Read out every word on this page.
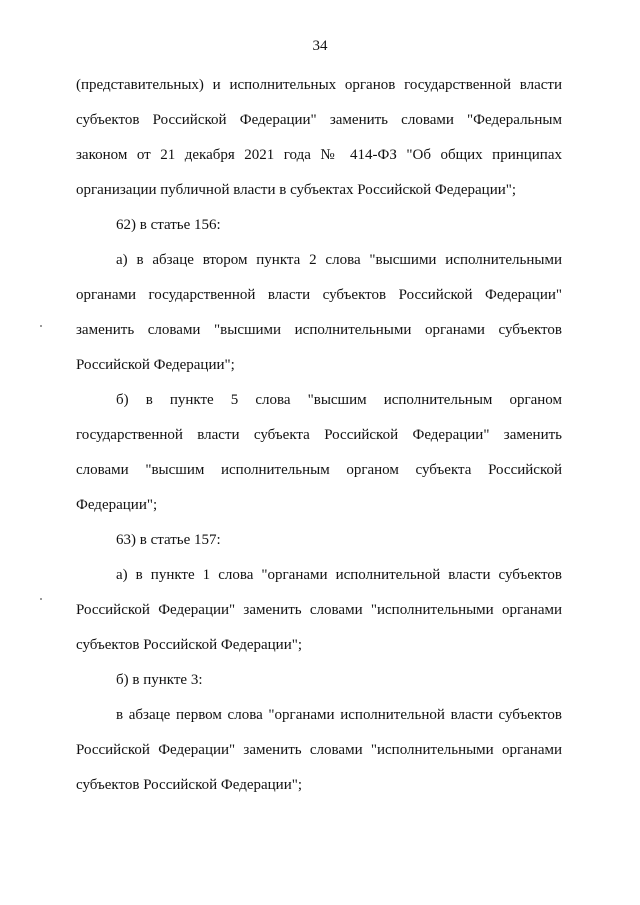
34
(представительных) и исполнительных органов государственной власти
субъектов Российской Федерации" заменить словами "Федеральным
законом от 21 декабря 2021 года № 414-ФЗ "Об общих принципах
организации публичной власти в субъектах Российской Федерации";
62) в статье 156:
а) в абзаце втором пункта 2 слова "высшими исполнительными
органами государственной власти субъектов Российской Федерации"
заменить словами "высшими исполнительными органами субъектов
Российской Федерации";
б) в пункте 5 слова "высшим исполнительным органом
государственной власти субъекта Российской Федерации" заменить
словами "высшим исполнительным органом субъекта Российской
Федерации";
63) в статье 157:
а) в пункте 1 слова "органами исполнительной власти субъектов
Российской Федерации" заменить словами "исполнительными органами
субъектов Российской Федерации";
б) в пункте 3:
в абзаце первом слова "органами исполнительной власти субъектов
Российской Федерации" заменить словами "исполнительными органами
субъектов Российской Федерации";
